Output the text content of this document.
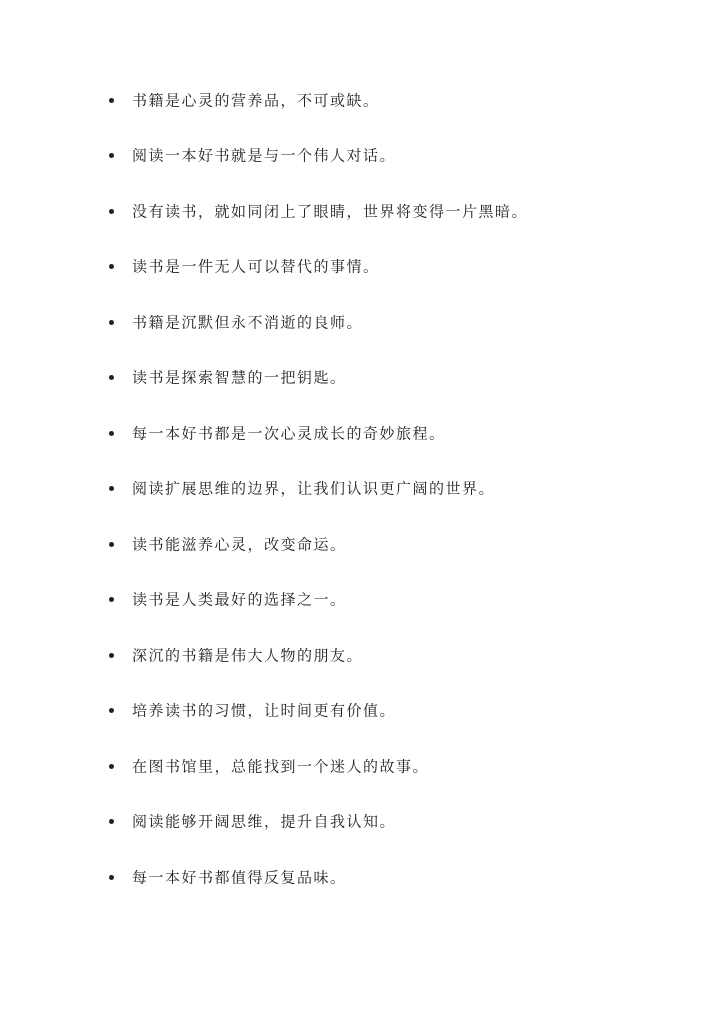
书籍是心灵的营养品，不可或缺。
阅读一本好书就是与一个伟人对话。
没有读书，就如同闭上了眼睛，世界将变得一片黑暗。
读书是一件无人可以替代的事情。
书籍是沉默但永不消逝的良师。
读书是探索智慧的一把钥匙。
每一本好书都是一次心灵成长的奇妙旅程。
阅读扩展思维的边界，让我们认识更广阔的世界。
读书能滋养心灵，改变命运。
读书是人类最好的选择之一。
深沉的书籍是伟大人物的朋友。
培养读书的习惯，让时间更有价值。
在图书馆里，总能找到一个迷人的故事。
阅读能够开阔思维，提升自我认知。
每一本好书都值得反复品味。
